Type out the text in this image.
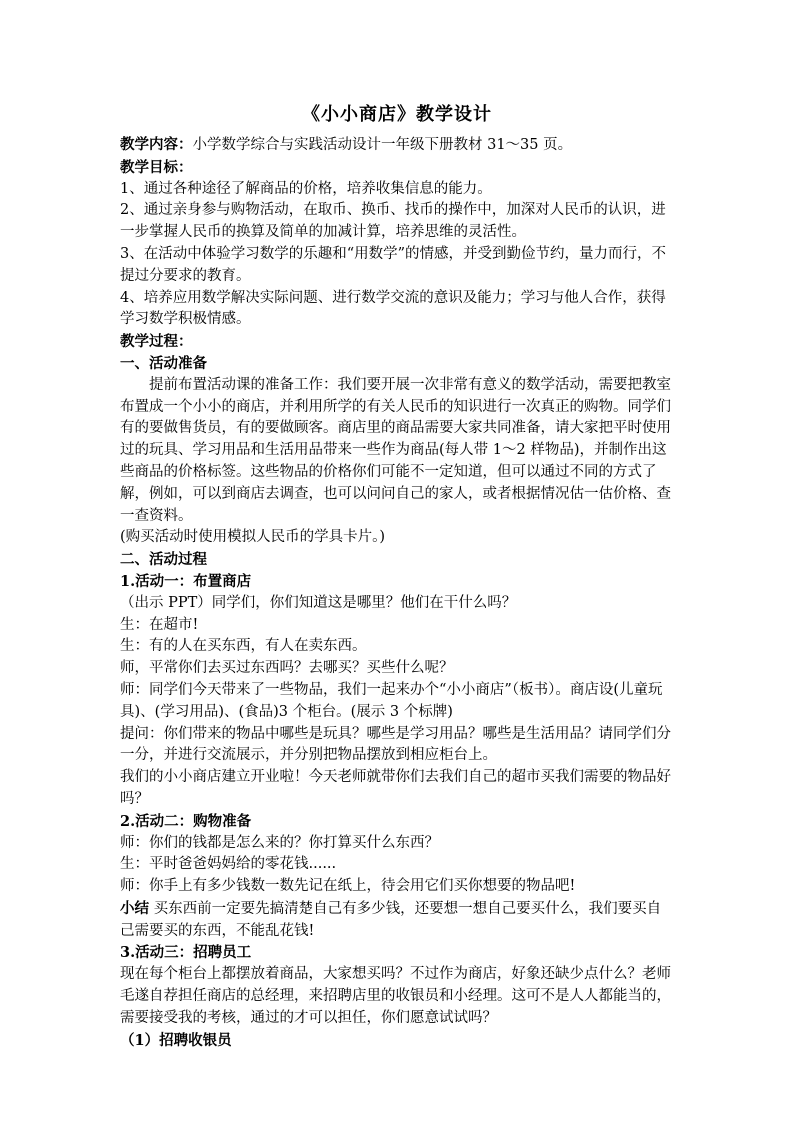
《小小商店》教学设计

教学内容：小学数学综合与实践活动设计一年级下册教材 31～35 页。

教学目标：

1、通过各种途径了解商品的价格，培养收集信息的能力。

2、通过亲身参与购物活动，在取币、换币、找币的操作中，加深对人民币的认识，进一步掌握人民币的换算及简单的加减计算，培养思维的灵活性。

3、在活动中体验学习数学的乐趣和“用数学”的情感，并受到勤俭节约，量力而行，不提过分要求的教育。

4、培养应用数学解决实际问题、进行数学交流的意识及能力；学习与他人合作，获得学习数学积极情感。

教学过程：

一、活动准备

提前布置活动课的准备工作：我们要开展一次非常有意义的数学活动，需要把教室布置成一个小小的商店，并利用所学的有关人民币的知识进行一次真正的购物。同学们有的要做售货员，有的要做顾客。商店里的商品需要大家共同准备，请大家把平时使用过的玩具、学习用品和生活用品带来一些作为商品(每人带 1～2 样物品)，并制作出这些商品的价格标签。这些物品的价格你们可能不一定知道，但可以通过不同的方式了解，例如，可以到商店去调查，也可以问问自己的家人，或者根据情况估一估价格、查一查资料。

(购买活动时使用模拟人民币的学具卡片。)

二、活动过程

1.活动一：布置商店

（出示 PPT）同学们，你们知道这是哪里？他们在干什么吗？

生：在超市!

生：有的人在买东西，有人在卖东西。

师，平常你们去买过东西吗？去哪买？买些什么呢？

师：同学们今天带来了一些物品，我们一起来办个“小小商店”（板书）。商店设(儿童玩具)、(学习用品)、(食品)3 个柜台。(展示 3 个标牌)

提问：你们带来的物品中哪些是玩具？哪些是学习用品？哪些是生活用品？请同学们分一分，并进行交流展示，并分别把物品摆放到相应柜台上。

我们的小小商店建立开业啦！今天老师就带你们去我们自己的超市买我们需要的物品好吗？

2.活动二：购物准备

师：你们的钱都是怎么来的？你打算买什么东西？

生：平时爸爸妈妈给的零花钱......

师：你手上有多少钱数一数先记在纸上，待会用它们买你想要的物品吧!

小结 买东西前一定要先搞清楚自己有多少钱，还要想一想自己要买什么，我们要买自己需要买的东西，不能乱花钱!

3.活动三：招聘员工

现在每个柜台上都摆放着商品，大家想买吗？不过作为商店，好象还缺少点什么？老师毛遂自荐担任商店的总经理，来招聘店里的收银员和小经理。这可不是人人都能当的，需要接受我的考核，通过的才可以担任，你们愿意试试吗？

（1）招聘收银员
